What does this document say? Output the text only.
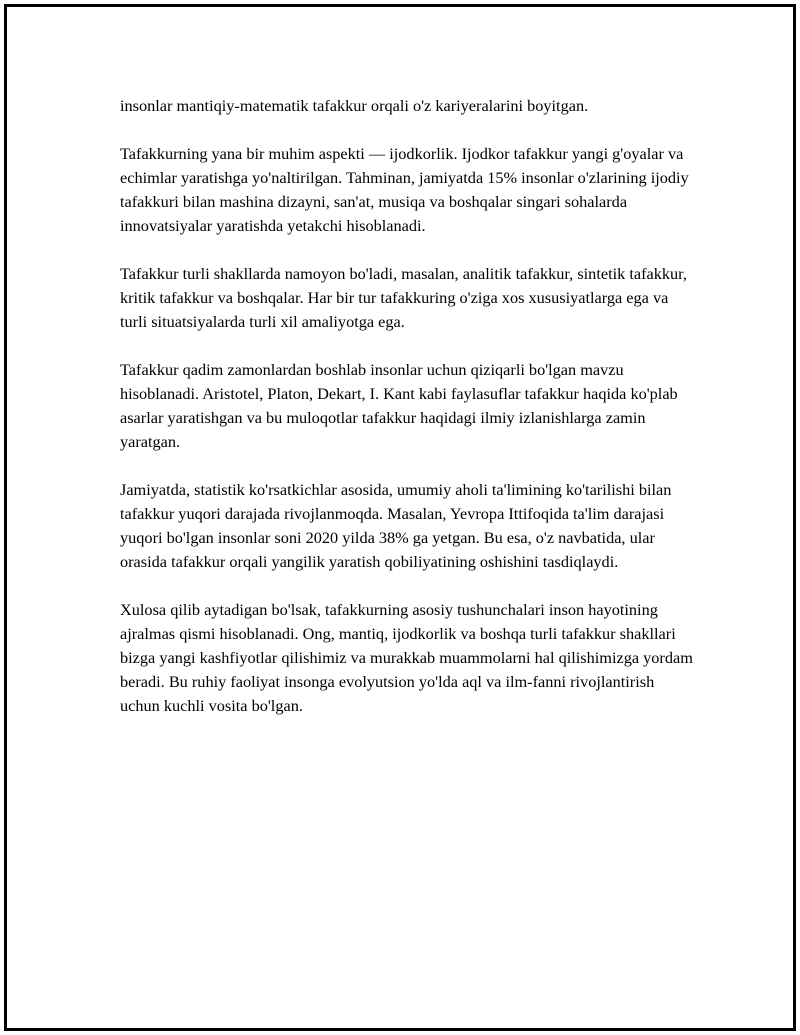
insonlar mantiqiy-matematik tafakkur orqali o'z kariyeralarini boyitgan.

Tafakkurning yana bir muhim aspekti — ijodkorlik. Ijodkor tafakkur yangi g'oyalar va echimlar yaratishga yo'naltirilgan. Tahminan, jamiyatda 15% insonlar o'zlarining ijodiy tafakkuri bilan mashina dizayni, san'at, musiqa va boshqalar singari sohalarda innovatsiyalar yaratishda yetakchi hisoblanadi.

Tafakkur turli shakllarda namoyon bo'ladi, masalan, analitik tafakkur, sintetik tafakkur, kritik tafakkur va boshqalar. Har bir tur tafakkuring o'ziga xos xususiyatlarga ega va turli situatsiyalarda turli xil amaliyotga ega.

Tafakkur qadim zamonlardan boshlab insonlar uchun qiziqarli bo'lgan mavzu hisoblanadi. Aristotel, Platon, Dekart, I. Kant kabi faylasuflar tafakkur haqida ko'plab asarlar yaratishgan va bu muloqotlar tafakkur haqidagi ilmiy izlanishlarga zamin yaratgan.

Jamiyatda, statistik ko'rsatkichlar asosida, umumiy aholi ta'limining ko'tarilishi bilan tafakkur yuqori darajada rivojlanmoqda. Masalan, Yevropa Ittifoqida ta'lim darajasi yuqori bo'lgan insonlar soni 2020 yilda 38% ga yetgan. Bu esa, o'z navbatida, ular orasida tafakkur orqali yangilik yaratish qobiliyatining oshishini tasdiqlaydi.

Xulosa qilib aytadigan bo'lsak, tafakkurning asosiy tushunchalari inson hayotining ajralmas qismi hisoblanadi. Ong, mantiq, ijodkorlik va boshqa turli tafakkur shakllari bizga yangi kashfiyotlar qilishimiz va murakkab muammolarni hal qilishimizga yordam beradi. Bu ruhiy faoliyat insonga evolyutsion yo'lda aql va ilm-fanni rivojlantirish uchun kuchli vosita bo'lgan.
